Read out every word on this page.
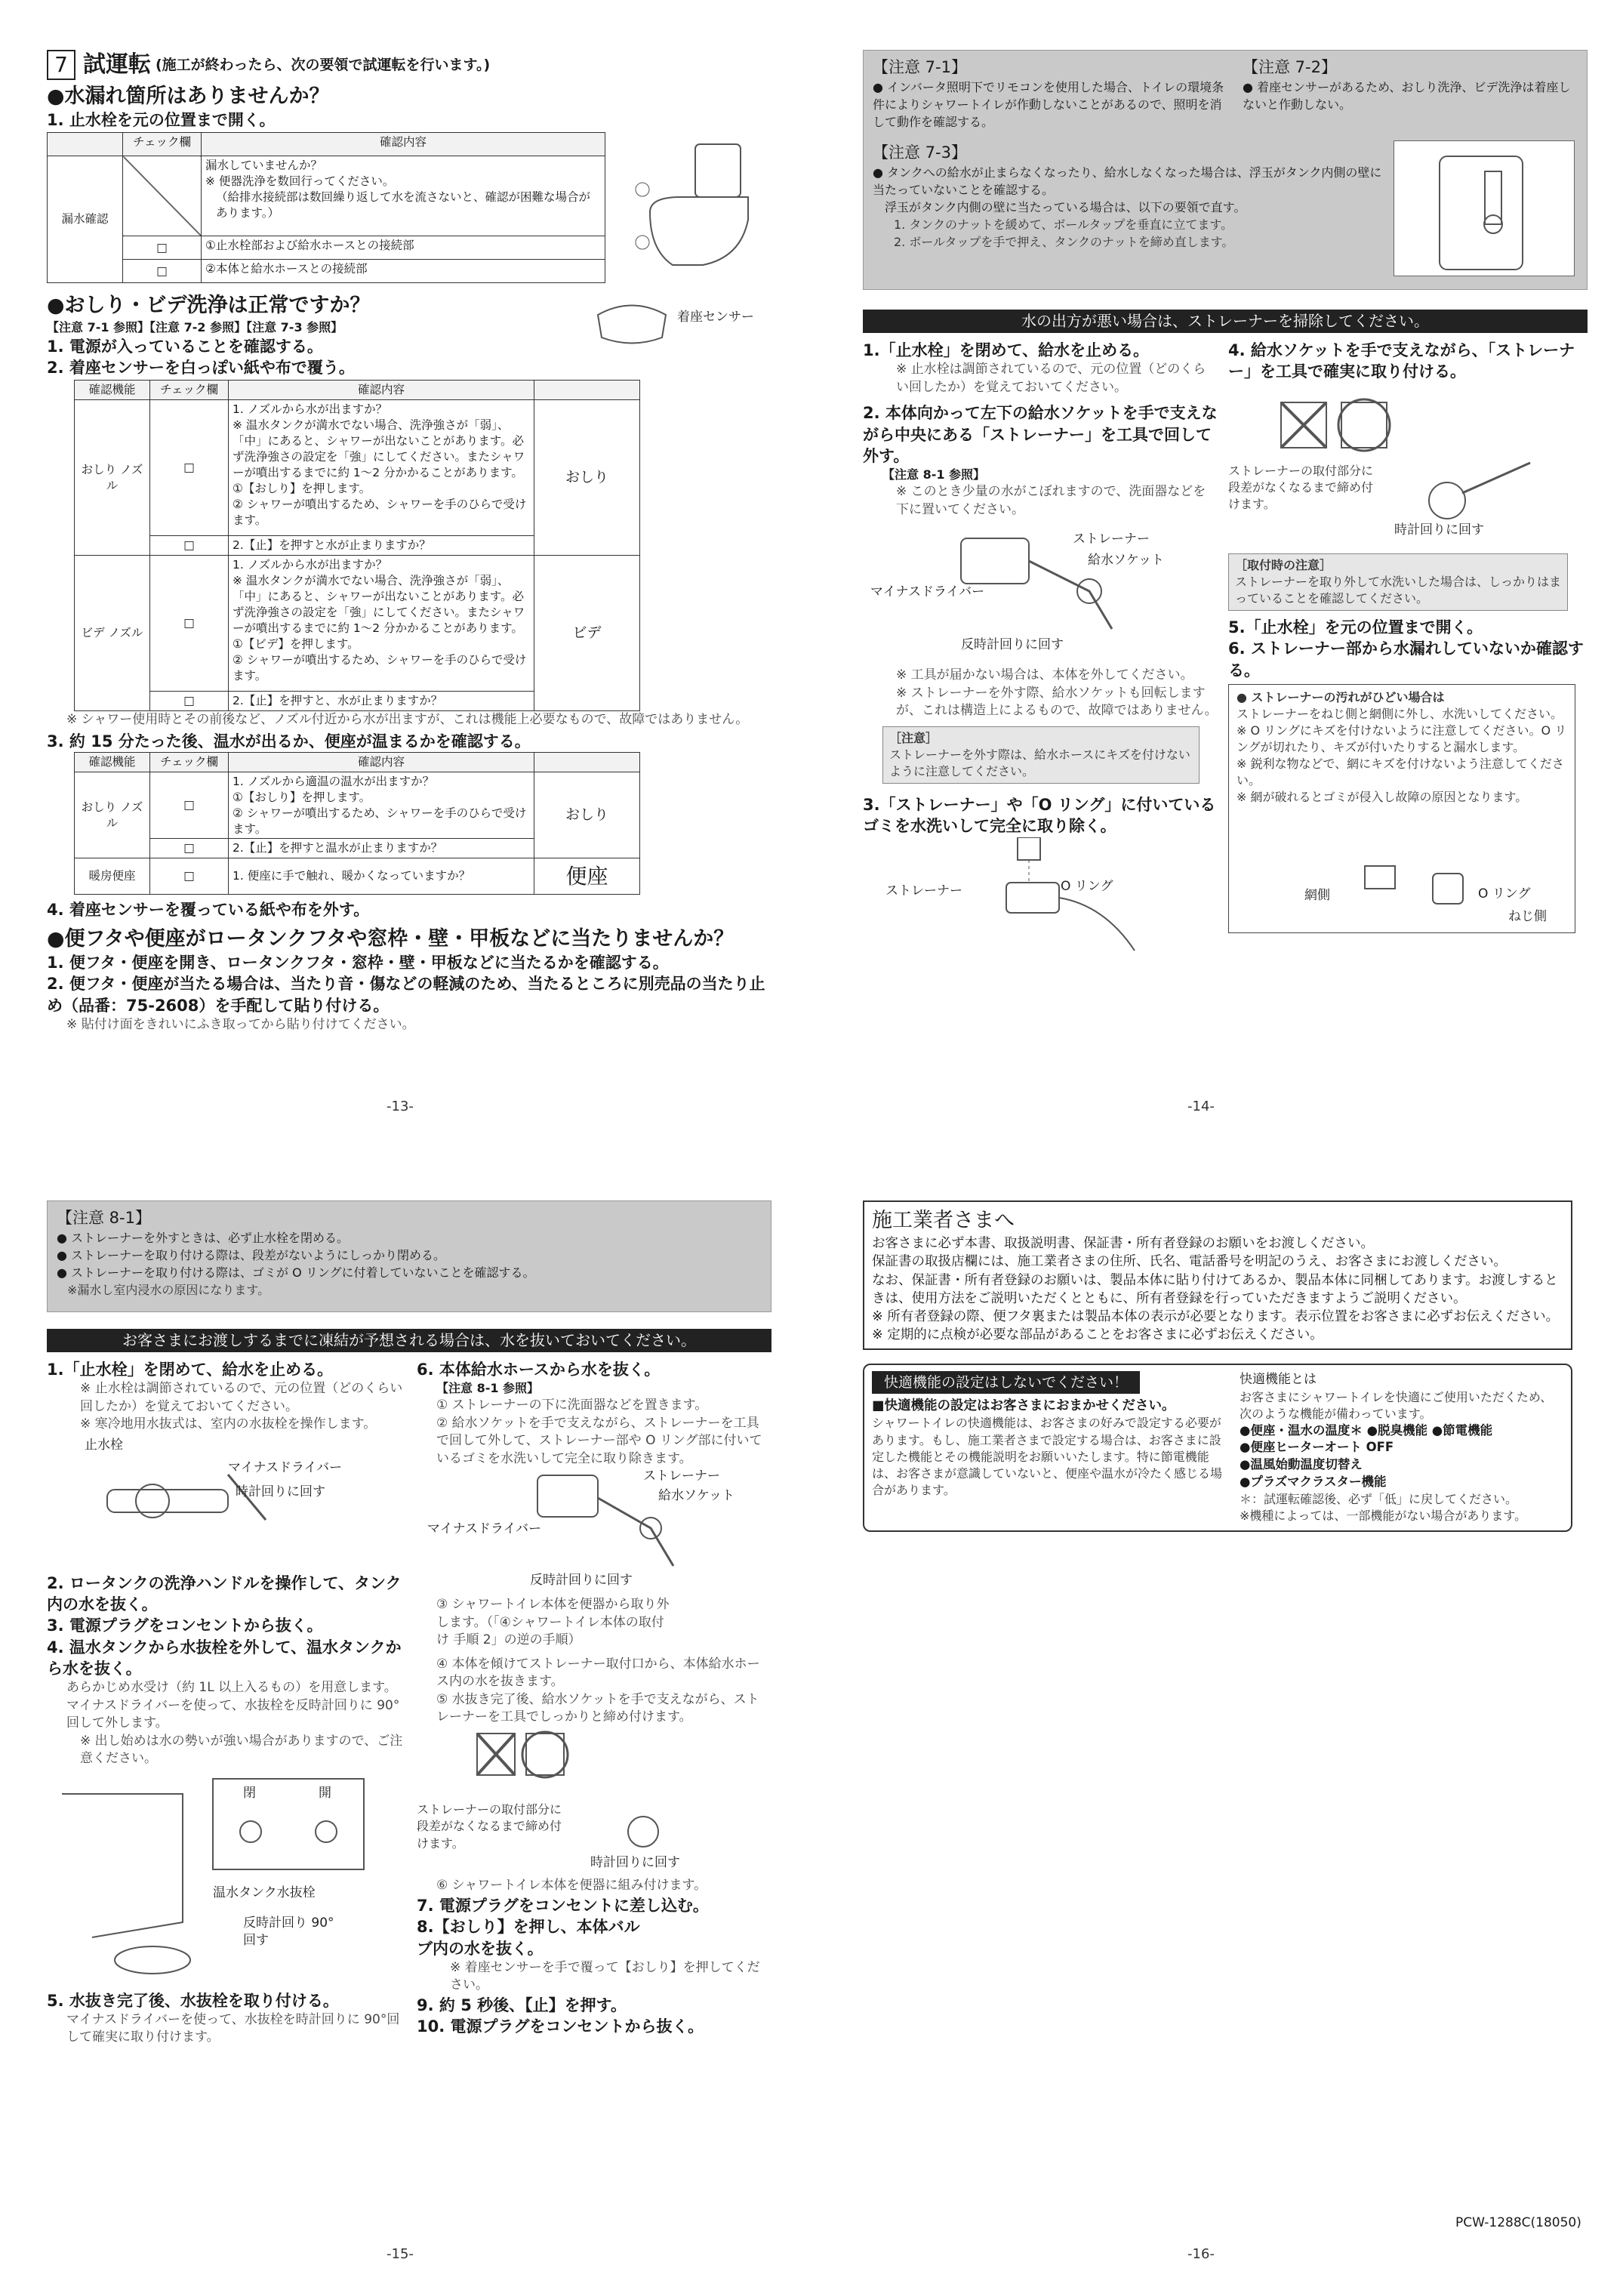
7 試運転 (施工が終わったら、次の要領で試運転を行います。)
●水漏れ箇所はありませんか？
1. 止水栓を元の位置まで開く。
	チェック欄	確認内容
漏水確認		漏水していませんか？
※ 便器洗浄を数回行ってください。
（給排水接続部は数回繰り返して水を流さないと、確認が困難な場合があります。）

	□	①止水栓部および給水ホースとの接続部
	□	②本体と給水ホースとの接続部
●おしり・ビデ洗浄は正常ですか？
【注意 7-1 参照】【注意 7-2 参照】【注意 7-3 参照】
1. 電源が入っていることを確認する。
2. 着座センサーを白っぽい紙や布で覆う。
着座センサー
確認機能	チェック欄	確認内容	
おしり ノズル	□	1. ノズルから水が出ますか？
※ 温水タンクが満水でない場合、洗浄強さが「弱」、「中」にあると、シャワーが出ないことがあります。必ず洗浄強さの設定を「強」にしてください。またシャワーが噴出するまでに約 1～2 分かかることがあります。
①【おしり】を押します。
② シャワーが噴出するため、シャワーを手のひらで受けます。	おしり
	□	2.【止】を押すと水が止まりますか？	
ビデ ノズル	□	1. ノズルから水が出ますか？
※ 温水タンクが満水でない場合、洗浄強さが「弱」、「中」にあると、シャワーが出ないことがあります。必ず洗浄強さの設定を「強」にしてください。またシャワーが噴出するまでに約 1～2 分かかることがあります。
①【ビデ】を押します。
② シャワーが噴出するため、シャワーを手のひらで受けます。	ビデ
	□	2.【止】を押すと、水が止まりますか？	
※ シャワー使用時とその前後など、ノズル付近から水が出ますが、これは機能上必要なもので、故障ではありません。
3. 約 15 分たった後、温水が出るか、便座が温まるかを確認する。
確認機能	チェック欄	確認内容	
おしり ノズル	□	1. ノズルから適温の温水が出ますか？
①【おしり】を押します。
② シャワーが噴出するため、シャワーを手のひらで受けます。	おしり
	□	2.【止】を押すと温水が止まりますか？	
暖房便座	□	1. 便座に手で触れ、暖かくなっていますか？	便座
4. 着座センサーを覆っている紙や布を外す。
●便フタや便座がロータンクフタや窓枠・壁・甲板などに当たりませんか？
1. 便フタ・便座を開き、ロータンクフタ・窓枠・壁・甲板などに当たるかを確認する。
2. 便フタ・便座が当たる場合は、当たり音・傷などの軽減のため、当たるところに別売品の当たり止め（品番：75-2608）を手配して貼り付ける。
※ 貼付け面をきれいにふき取ってから貼り付けてください。
-13-
【注意 7-1】
● インバータ照明下でリモコンを使用した場合、トイレの環境条件によりシャワートイレが作動しないことがあるので、照明を消して動作を確認する。
【注意 7-2】
● 着座センサーがあるため、おしり洗浄、ビデ洗浄は着座しないと作動しない。
【注意 7-3】
● タンクへの給水が止まらなくなったり、給水しなくなった場合は、浮玉がタンク内側の壁に当たっていないことを確認する。
浮玉がタンク内側の壁に当たっている場合は、以下の要領で直す。
1. タンクのナットを緩めて、ボールタップを垂直に立てます。
2. ボールタップを手で押え、タンクのナットを締め直します。
水の出方が悪い場合は、ストレーナーを掃除してください。
1.「止水栓」を閉めて、給水を止める。
※ 止水栓は調節されているので、元の位置（どのくらい回したか）を覚えておいてください。
2. 本体向かって左下の給水ソケットを手で支えながら中央にある「ストレーナー」を工具で回して外す。
【注意 8-1 参照】
※ このとき少量の水がこぼれますので、洗面器などを下に置いてください。
ストレーナー
給水ソケット
マイナスドライバー
反時計回りに回す
※ 工具が届かない場合は、本体を外してください。
※ ストレーナーを外す際、給水ソケットも回転しますが、これは構造上によるもので、故障ではありません。
［注意］
ストレーナーを外す際は、給水ホースにキズを付けないように注意してください。
3.「ストレーナー」や「O リング」に付いているゴミを水洗いして完全に取り除く。
ストレーナー	O リング
4. 給水ソケットを手で支えながら、「ストレーナー」を工具で確実に取り付ける。
ストレーナーの取付部分に段差がなくなるまで締め付けます。
時計回りに回す
［取付時の注意］
ストレーナーを取り外して水洗いした場合は、しっかりはまっていることを確認してください。
5.「止水栓」を元の位置まで開く。
6. ストレーナー部から水漏れしていないか確認する。
● ストレーナーの汚れがひどい場合は
ストレーナーをねじ側と網側に外し、水洗いしてください。
※ O リングにキズを付けないように注意してください。O リングが切れたり、キズが付いたりすると漏水します。
※ 鋭利な物などで、網にキズを付けないよう注意してください。
※ 網が破れるとゴミが侵入し故障の原因となります。
網側	O リング
ねじ側
-14-
【注意 8-1】
● ストレーナーを外すときは、必ず止水栓を閉める。
● ストレーナーを取り付ける際は、段差がないようにしっかり閉める。
● ストレーナーを取り付ける際は、ゴミが O リングに付着していないことを確認する。
※漏水し室内浸水の原因になります。
お客さまにお渡しするまでに凍結が予想される場合は、水を抜いておいてください。
1.「止水栓」を閉めて、給水を止める。
※ 止水栓は調節されているので、元の位置（どのくらい回したか）を覚えておいてください。
※ 寒冷地用水抜式は、室内の水抜栓を操作します。
止水栓
マイナスドライバー
時計回りに回す
2. ロータンクの洗浄ハンドルを操作して、タンク内の水を抜く。
3. 電源プラグをコンセントから抜く。
4. 温水タンクから水抜栓を外して、温水タンクから水を抜く。
あらかじめ水受け（約 1L 以上入るもの）を用意します。
マイナスドライバーを使って、水抜栓を反時計回りに 90°回して外します。
※ 出し始めは水の勢いが強い場合がありますので、ご注意ください。
閉	開
温水タンク水抜栓
反時計回り 90°回す
5. 水抜き完了後、水抜栓を取り付ける。
マイナスドライバーを使って、水抜栓を時計回りに 90°回して確実に取り付けます。
6. 本体給水ホースから水を抜く。
【注意 8-1 参照】
① ストレーナーの下に洗面器などを置きます。
② 給水ソケットを手で支えながら、ストレーナーを工具で回して外して、ストレーナー部や O リング部に付いているゴミを水洗いして完全に取り除きます。
ストレーナー
給水ソケット
マイナスドライバー
反時計回りに回す
③ シャワートイレ本体を便器から取り外します。（「④シャワートイレ本体の取付け 手順 2」の逆の手順）
④ 本体を傾けてストレーナー取付口から、本体給水ホース内の水を抜きます。
⑤ 水抜き完了後、給水ソケットを手で支えながら、ストレーナーを工具でしっかりと締め付けます。
ストレーナーの取付部分に段差がなくなるまで締め付けます。
時計回りに回す
⑥ シャワートイレ本体を便器に組み付けます。
7. 電源プラグをコンセントに差し込む。
8.【おしり】を押し、本体バルブ内の水を抜く。
※ 着座センサーを手で覆って【おしり】を押してください。
9. 約 5 秒後、【止】を押す。
10. 電源プラグをコンセントから抜く。
-15-
施工業者さまへ
お客さまに必ず本書、取扱説明書、保証書・所有者登録のお願いをお渡しください。
保証書の取扱店欄には、施工業者さまの住所、氏名、電話番号を明記のうえ、お客さまにお渡しください。
なお、保証書・所有者登録のお願いは、製品本体に貼り付けてあるか、製品本体に同梱してあります。お渡しするときは、使用方法をご説明いただくとともに、所有者登録を行っていただきますようご説明ください。
※ 所有者登録の際、便フタ裏または製品本体の表示が必要となります。表示位置をお客さまに必ずお伝えください。
※ 定期的に点検が必要な部品があることをお客さまに必ずお伝えください。
快適機能の設定はしないでください！
■快適機能の設定はお客さまにおまかせください。
シャワートイレの快適機能は、お客さまの好みで設定する必要があります。もし、施工業者さまで設定する場合は、お客さまに設定した機能とその機能説明をお願いいたします。特に節電機能は、お客さまが意識していないと、便座や温水が冷たく感じる場合があります。
快適機能とは
お客さまにシャワートイレを快適にご使用いただくため、次のような機能が備わっています。
●便座・温水の温度＊ ●脱臭機能 ●節電機能
●便座ヒーターオート OFF
●温風始動温度切替え
●プラズマクラスター機能
＊：試運転確認後、必ず「低」に戻してください。
※機種によっては、一部機能がない場合があります。
PCW-1288C(18050)
-16-
